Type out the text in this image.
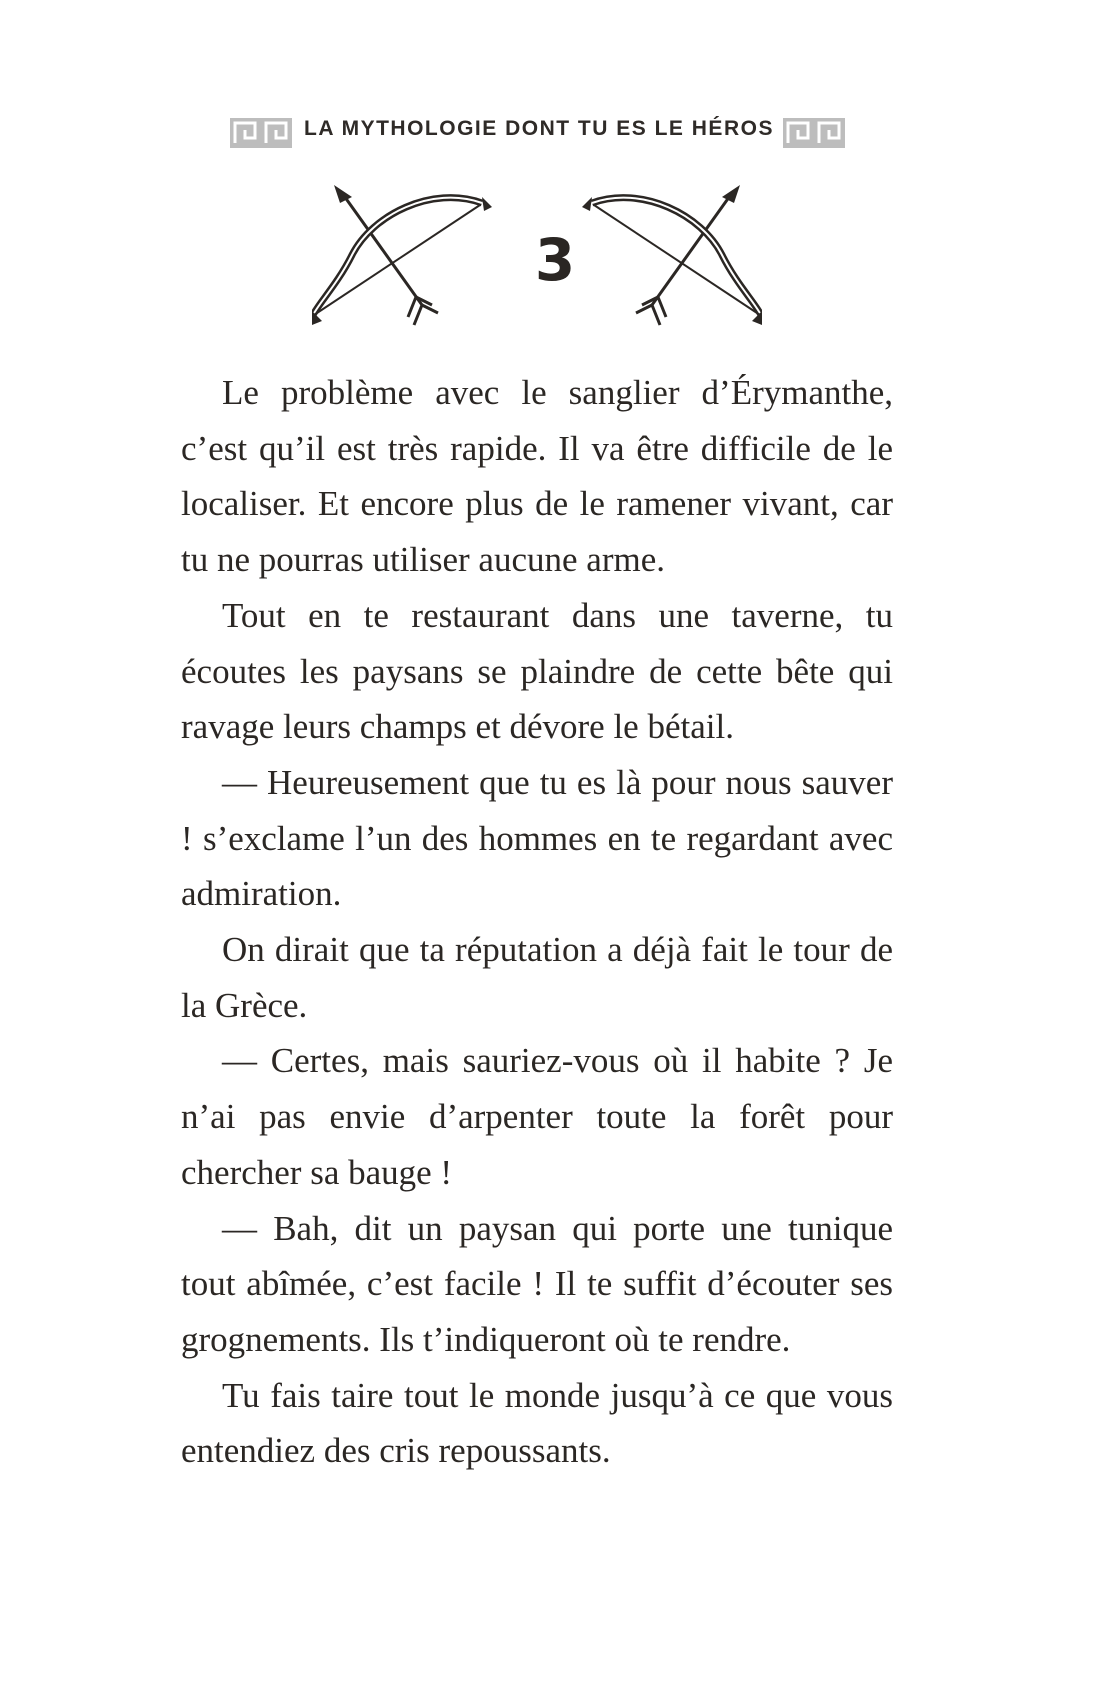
LA MYTHOLOGIE DONT TU ES LE HÉROS
3

Le problème avec le sanglier d’Érymanthe, c’est qu’il est très rapide. Il va être difficile de le localiser. Et encore plus de le ramener vivant, car tu ne pourras utiliser aucune arme.

Tout en te restaurant dans une taverne, tu écoutes les paysans se plaindre de cette bête qui ravage leurs champs et dévore le bétail.

— Heureusement que tu es là pour nous sauver ! s’exclame l’un des hommes en te regardant avec admiration.

On dirait que ta réputation a déjà fait le tour de la Grèce.

— Certes, mais sauriez-vous où il habite ? Je n’ai pas envie d’arpenter toute la forêt pour chercher sa bauge !

— Bah, dit un paysan qui porte une tunique tout abîmée, c’est facile ! Il te suffit d’écouter ses grognements. Ils t’indiqueront où te rendre.

Tu fais taire tout le monde jusqu’à ce que vous entendiez des cris repoussants.
